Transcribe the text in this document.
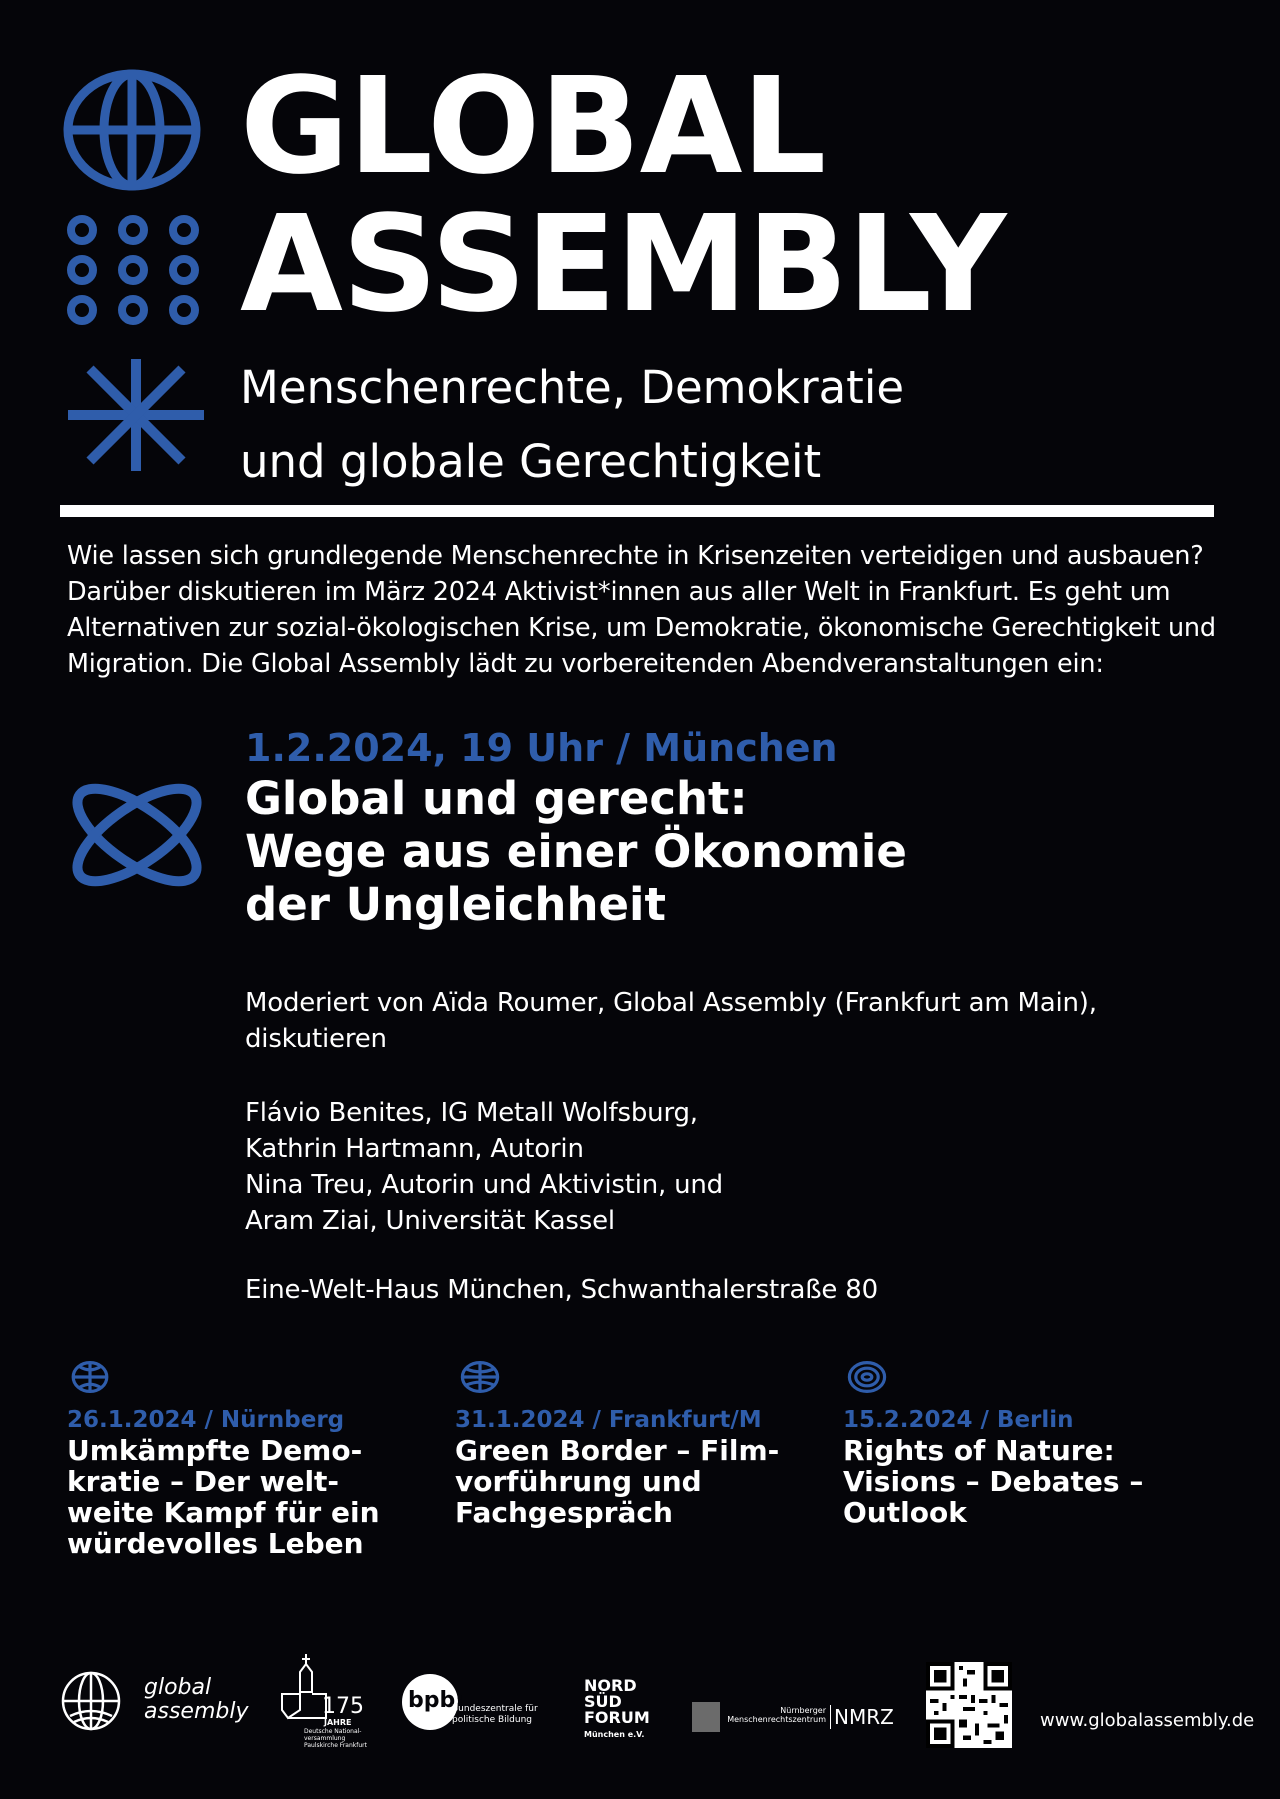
GLOBAL
ASSEMBLY
Menschenrechte, Demokratie
und globale Gerechtigkeit
Wie lassen sich grundlegende Menschenrechte in Krisenzeiten verteidigen und ausbauen?
Darüber diskutieren im März 2024 Aktivist*innen aus aller Welt in Frankfurt. Es geht um
Alternativen zur sozial-ökologischen Krise, um Demokratie, ökonomische Gerechtigkeit und
Migration. Die Global Assembly lädt zu vorbereitenden Abendveranstaltungen ein:
1.2.2024, 19 Uhr / München
Global und gerecht:
Wege aus einer Ökonomie
der Ungleichheit
Moderiert von Aïda Roumer, Global Assembly (Frankfurt am Main),
diskutieren
Flávio Benites, IG Metall Wolfsburg,
Kathrin Hartmann, Autorin
Nina Treu, Autorin und Aktivistin, und
Aram Ziai, Universität Kassel
Eine-Welt-Haus München, Schwanthalerstraße 80
26.1.2024 / Nürnberg
Umkämpfte Demo-
kratie – Der welt-
weite Kampf für ein
würdevolles Leben
31.1.2024 / Frankfurt/M
Green Border – Film-
vorführung und
Fachgespräch
15.2.2024 / Berlin
Rights of Nature:
Visions – Debates –
Outlook
global
assembly	175
JAHRE
Deutsche National-
versammlung
Paulskirche Frankfurt
bpb:
Bundeszentrale für
politische Bildung
NORD
SÜD
FORUM
München e.V.
Nürnberger
Menschenrechtszentrum NMRZ	www.globalassembly.de
